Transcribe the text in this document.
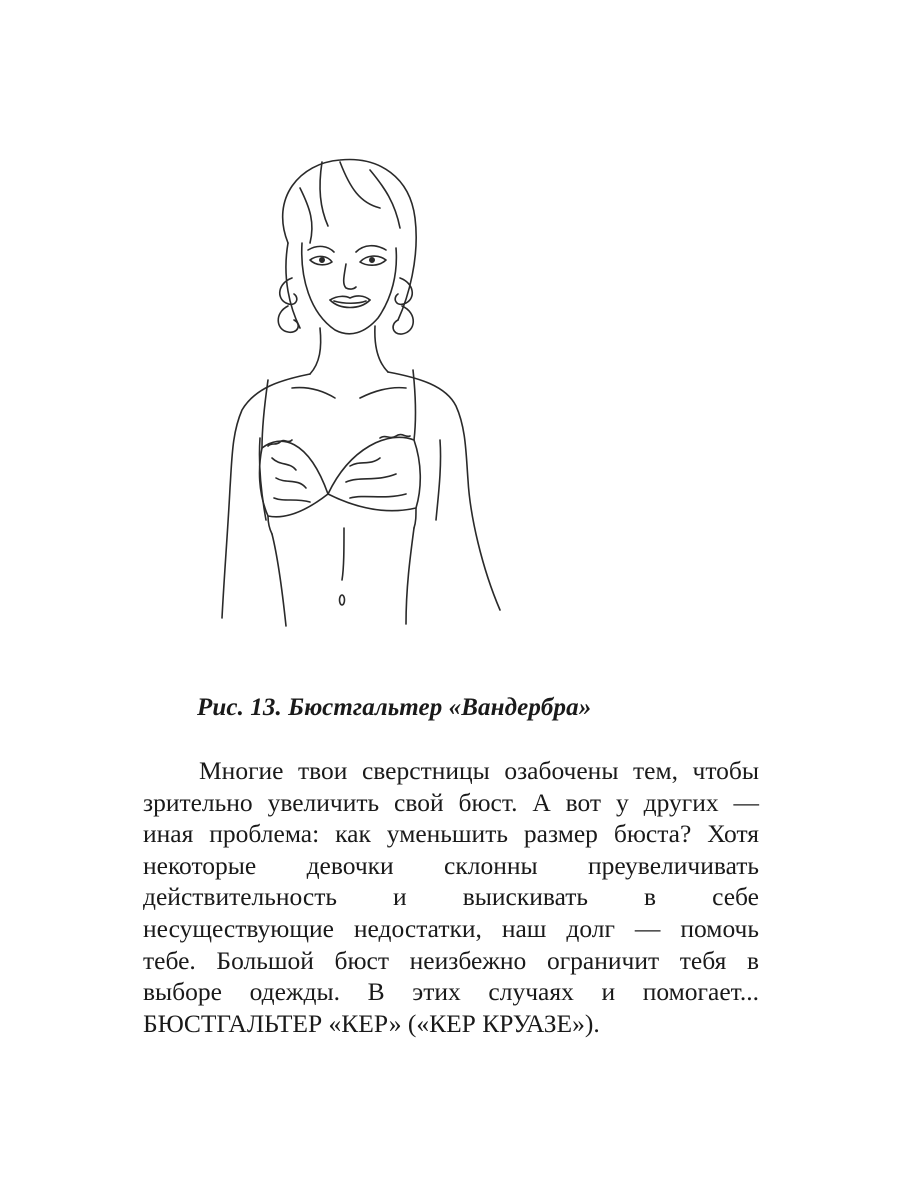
Рис. 13. Бюстгальтер «Вандербра»
Многие твои сверстницы озабочены тем, чтобы
зрительно увеличить свой бюст. А вот у других —
иная проблема: как уменьшить размер бюста? Хотя
некоторые девочки склонны преувеличивать
действительность и выискивать в себе
несуществующие недостатки, наш долг — помочь
тебе. Большой бюст неизбежно ограничит тебя в
выборе одежды. В этих случаях и помогает...
БЮСТГАЛЬТЕР «КЕР» («КЕР КРУАЗЕ»).
